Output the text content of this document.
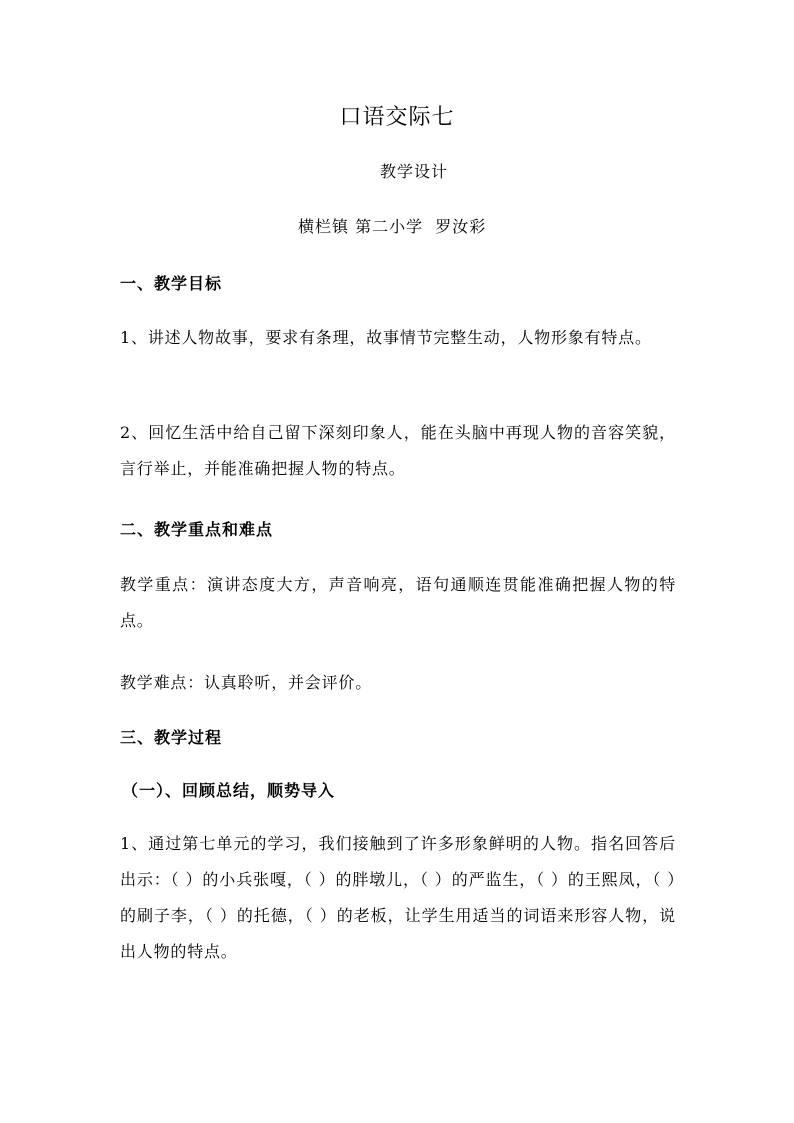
口语交际七
教学设计
横栏镇 第二小学  罗汝彩
一、教学目标
1、讲述人物故事，要求有条理，故事情节完整生动，人物形象有特点。
2、回忆生活中给自己留下深刻印象人，能在头脑中再现人物的音容笑貌，言行举止，并能准确把握人物的特点。
二、教学重点和难点
教学重点：演讲态度大方，声音响亮，语句通顺连贯能准确把握人物的特点。
教学难点：认真聆听，并会评价。
三、教学过程
（一）、回顾总结，顺势导入
1、通过第七单元的学习，我们接触到了许多形象鲜明的人物。指名回答后出示：（ ）的小兵张嘎，（ ）的胖墩儿，（ ）的严监生，（ ）的王熙凤，（ ）的刷子李，（ ）的托德，（ ）的老板，让学生用适当的词语来形容人物，说出人物的特点。
